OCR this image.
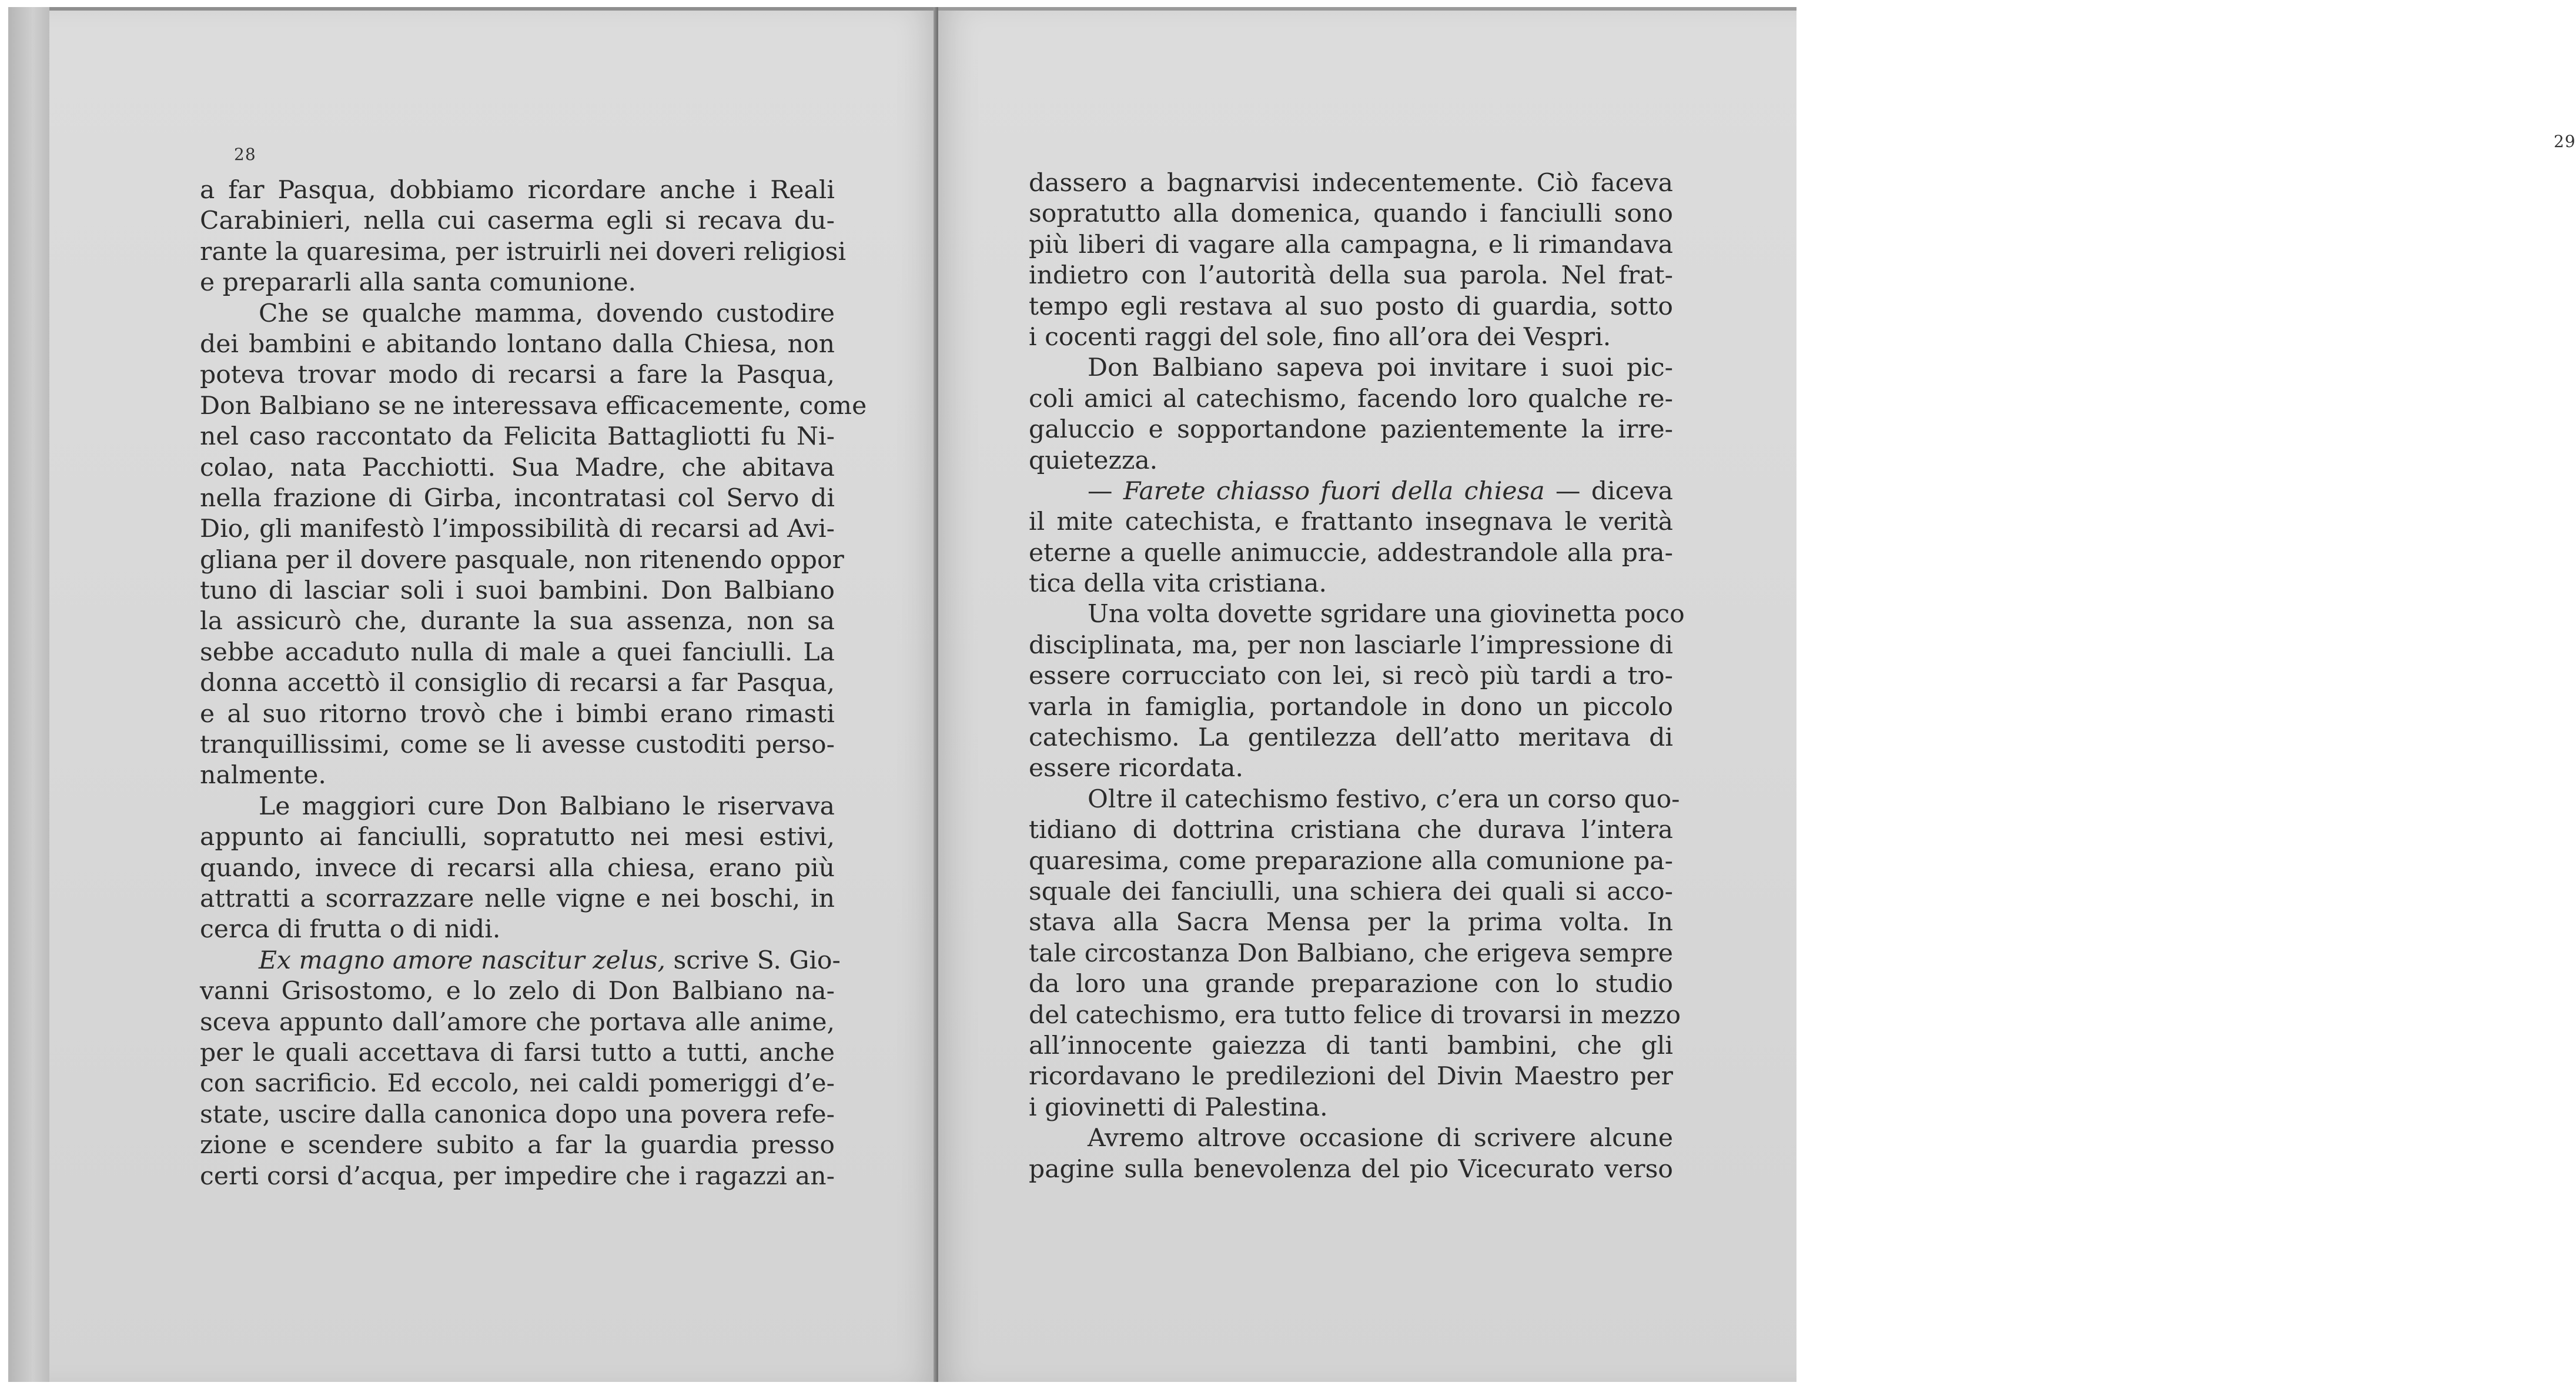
28
29
a far Pasqua, dobbiamo ricordare anche i Reali
Carabinieri, nella cui caserma egli si recava du-
rante la quaresima, per istruirli nei doveri religiosi
e prepararli alla santa comunione.
Che se qualche mamma, dovendo custodire
dei bambini e abitando lontano dalla Chiesa, non
poteva trovar modo di recarsi a fare la Pasqua,
Don Balbiano se ne interessava efficacemente, come
nel caso raccontato da Felicita Battagliotti fu Ni-
colao, nata Pacchiotti. Sua Madre, che abitava
nella frazione di Girba, incontratasi col Servo di
Dio, gli manifestò l’impossibilità di recarsi ad Avi-
gliana per il dovere pasquale, non ritenendo oppor
tuno di lasciar soli i suoi bambini. Don Balbiano
la assicurò che, durante la sua assenza, non sa
sebbe accaduto nulla di male a quei fanciulli. La
donna accettò il consiglio di recarsi a far Pasqua,
e al suo ritorno trovò che i bimbi erano rimasti
tranquillissimi, come se li avesse custoditi perso-
nalmente.
Le maggiori cure Don Balbiano le riservava
appunto ai fanciulli, sopratutto nei mesi estivi,
quando, invece di recarsi alla chiesa, erano più
attratti a scorrazzare nelle vigne e nei boschi, in
cerca di frutta o di nidi.
Ex magno amore nascitur zelus, scrive S. Gio-
vanni Grisostomo, e lo zelo di Don Balbiano na-
sceva appunto dall’amore che portava alle anime,
per le quali accettava di farsi tutto a tutti, anche
con sacrificio. Ed eccolo, nei caldi pomeriggi d’e-
state, uscire dalla canonica dopo una povera refe-
zione e scendere subito a far la guardia presso
certi corsi d’acqua, per impedire che i ragazzi an-
dassero a bagnarvisi indecentemente. Ciò faceva
sopratutto alla domenica, quando i fanciulli sono
più liberi di vagare alla campagna, e li rimandava
indietro con l’autorità della sua parola. Nel frat-
tempo egli restava al suo posto di guardia, sotto
i cocenti raggi del sole, fino all’ora dei Vespri.
Don Balbiano sapeva poi invitare i suoi pic-
coli amici al catechismo, facendo loro qualche re-
galuccio e sopportandone pazientemente la irre-
quietezza.
— Farete chiasso fuori della chiesa — diceva
il mite catechista, e frattanto insegnava le verità
eterne a quelle animuccie, addestrandole alla pra-
tica della vita cristiana.
Una volta dovette sgridare una giovinetta poco
disciplinata, ma, per non lasciarle l’impressione di
essere corrucciato con lei, si recò più tardi a tro-
varla in famiglia, portandole in dono un piccolo
catechismo. La gentilezza dell’atto meritava di
essere ricordata.
Oltre il catechismo festivo, c’era un corso quo-
tidiano di dottrina cristiana che durava l’intera
quaresima, come preparazione alla comunione pa-
squale dei fanciulli, una schiera dei quali si acco-
stava alla Sacra Mensa per la prima volta. In
tale circostanza Don Balbiano, che erigeva sempre
da loro una grande preparazione con lo studio
del catechismo, era tutto felice di trovarsi in mezzo
all’innocente gaiezza di tanti bambini, che gli
ricordavano le predilezioni del Divin Maestro per
i giovinetti di Palestina.
Avremo altrove occasione di scrivere alcune
pagine sulla benevolenza del pio Vicecurato verso
